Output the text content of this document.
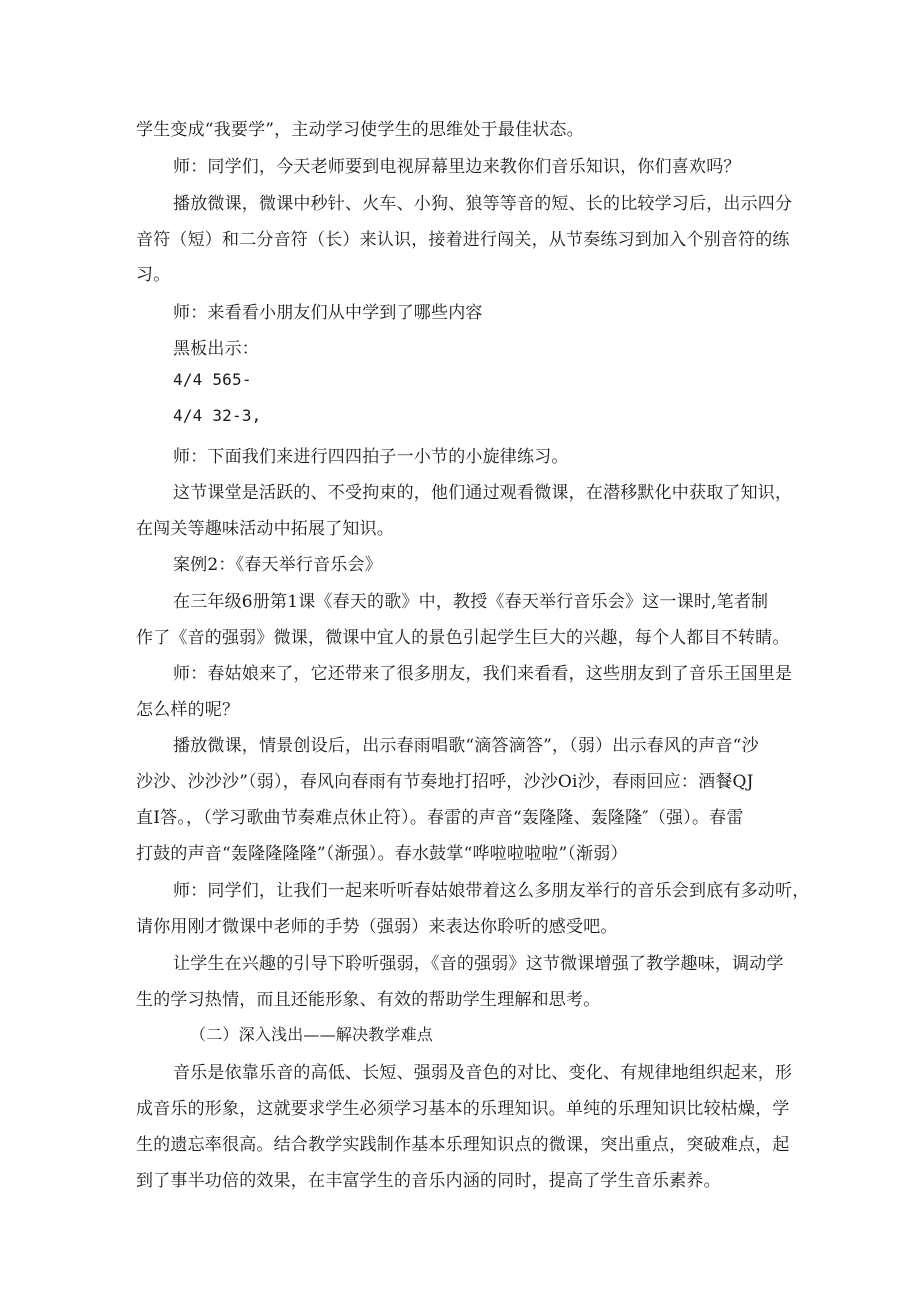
学生变成“我要学”，主动学习使学生的思维处于最佳状态。
师：同学们，今天老师要到电视屏幕里边来教你们音乐知识，你们喜欢吗？
播放微课，微课中秒针、火车、小狗、狼等等音的短、长的比较学习后，出示四分
音符（短）和二分音符（长）来认识，接着进行闯关，从节奏练习到加入个别音符的练
习。
师：来看看小朋友们从中学到了哪些内容
黑板出示：
4/4 565-
4/4 32-3,
师：下面我们来进行四四拍子一小节的小旋律练习。
这节课堂是活跃的、不受拘束的，他们通过观看微课，在潜移默化中获取了知识，
在闯关等趣味活动中拓展了知识。
案例2：《春天举行音乐会》
在三年级6册第1课《春天的歌》中，教授《春天举行音乐会》这一课时,笔者制
作了《音的强弱》微课，微课中宜人的景色引起学生巨大的兴趣，每个人都目不转睛。
师：春姑娘来了，它还带来了很多朋友，我们来看看，这些朋友到了音乐王国里是
怎么样的呢？
播放微课，情景创设后，出示春雨唱歌“滴答滴答”，（弱）出示春风的声音“沙
沙沙、沙沙沙”（弱），春风向春雨有节奏地打招呼，沙沙Oi沙，春雨回应：酒餐QJ
直I答。，（学习歌曲节奏难点休止符）。春雷的声音“轰隆隆、轰隆隆″（强）。春雷
打鼓的声音“轰隆隆隆隆”（渐强）。春水鼓掌“哗啦啦啦啦”（渐弱）
师：同学们，让我们一起来听听春姑娘带着这么多朋友举行的音乐会到底有多动听，
请你用刚才微课中老师的手势（强弱）来表达你聆听的感受吧。
让学生在兴趣的引导下聆听强弱，《音的强弱》这节微课增强了教学趣味，调动学
生的学习热情，而且还能形象、有效的帮助学生理解和思考。
（二）深入浅出——解决教学难点
音乐是依靠乐音的高低、长短、强弱及音色的对比、变化、有规律地组织起来，形
成音乐的形象，这就要求学生必须学习基本的乐理知识。单纯的乐理知识比较枯燥，学
生的遗忘率很高。结合教学实践制作基本乐理知识点的微课，突出重点，突破难点，起
到了事半功倍的效果，在丰富学生的音乐内涵的同时，提高了学生音乐素养。
